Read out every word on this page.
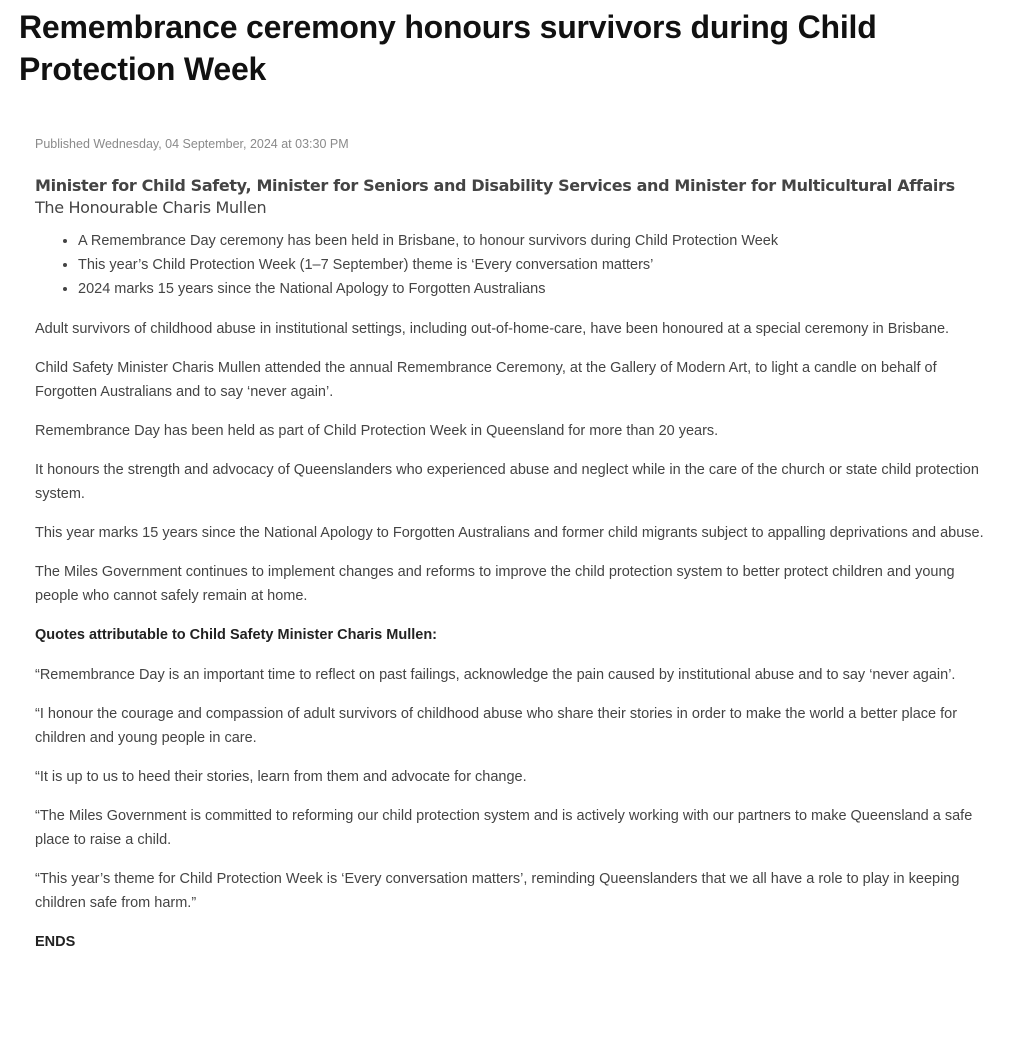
Remembrance ceremony honours survivors during Child Protection Week

Published Wednesday, 04 September, 2024 at 03:30 PM

Minister for Child Safety, Minister for Seniors and Disability Services and Minister for Multicultural Affairs

The Honourable Charis Mullen

• A Remembrance Day ceremony has been held in Brisbane, to honour survivors during Child Protection Week
• This year’s Child Protection Week (1–7 September) theme is ‘Every conversation matters’
• 2024 marks 15 years since the National Apology to Forgotten Australians

Adult survivors of childhood abuse in institutional settings, including out-of-home-care, have been honoured at a special ceremony in Brisbane.

Child Safety Minister Charis Mullen attended the annual Remembrance Ceremony, at the Gallery of Modern Art, to light a candle on behalf of Forgotten Australians and to say ‘never again’.

Remembrance Day has been held as part of Child Protection Week in Queensland for more than 20 years.

It honours the strength and advocacy of Queenslanders who experienced abuse and neglect while in the care of the church or state child protection system.

This year marks 15 years since the National Apology to Forgotten Australians and former child migrants subject to appalling deprivations and abuse.

The Miles Government continues to implement changes and reforms to improve the child protection system to better protect children and young people who cannot safely remain at home.

Quotes attributable to Child Safety Minister Charis Mullen:

“Remembrance Day is an important time to reflect on past failings, acknowledge the pain caused by institutional abuse and to say ‘never again’.

“I honour the courage and compassion of adult survivors of childhood abuse who share their stories in order to make the world a better place for children and young people in care.

“It is up to us to heed their stories, learn from them and advocate for change.

“The Miles Government is committed to reforming our child protection system and is actively working with our partners to make Queensland a safe place to raise a child.

“This year’s theme for Child Protection Week is ‘Every conversation matters’, reminding Queenslanders that we all have a role to play in keeping children safe from harm.”

ENDS
